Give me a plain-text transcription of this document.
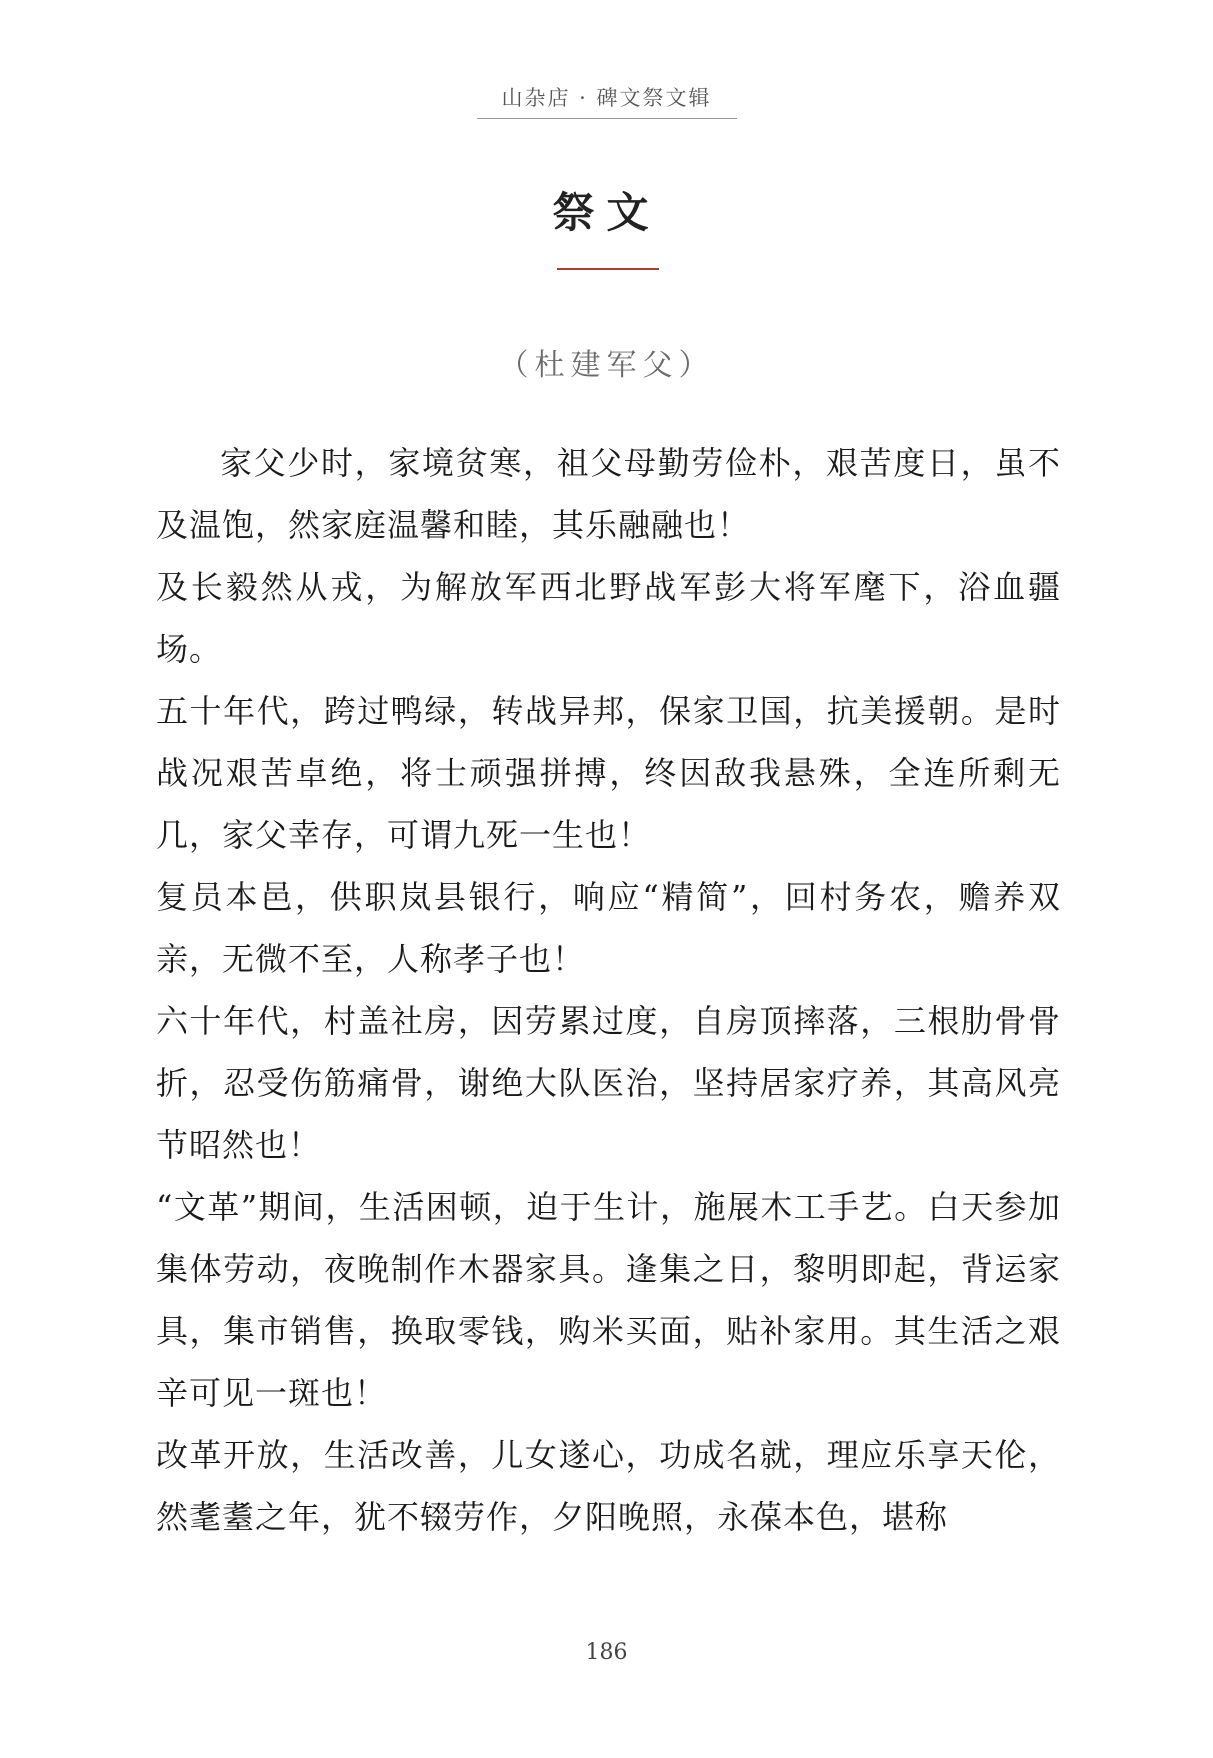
山杂店 · 碑文祭文辑
祭文
（杜建军父）

家父少时，家境贫寒，祖父母勤劳俭朴，艰苦度日，虽不及温饱，然家庭温馨和睦，其乐融融也！

及长毅然从戎，为解放军西北野战军彭大将军麾下，浴血疆场。

五十年代，跨过鸭绿，转战异邦，保家卫国，抗美援朝。是时战况艰苦卓绝，将士顽强拼搏，终因敌我悬殊，全连所剩无几，家父幸存，可谓九死一生也！

复员本邑，供职岚县银行，响应“精简”，回村务农，赡养双亲，无微不至，人称孝子也！

六十年代，村盖社房，因劳累过度，自房顶摔落，三根肋骨骨折，忍受伤筋痛骨，谢绝大队医治，坚持居家疗养，其高风亮节昭然也！

“文革”期间，生活困顿，迫于生计，施展木工手艺。白天参加集体劳动，夜晚制作木器家具。逢集之日，黎明即起，背运家具，集市销售，换取零钱，购米买面，贴补家用。其生活之艰辛可见一斑也！

改革开放，生活改善，儿女遂心，功成名就，理应乐享天伦，然耄耋之年，犹不辍劳作，夕阳晚照，永葆本色，堪称

186
